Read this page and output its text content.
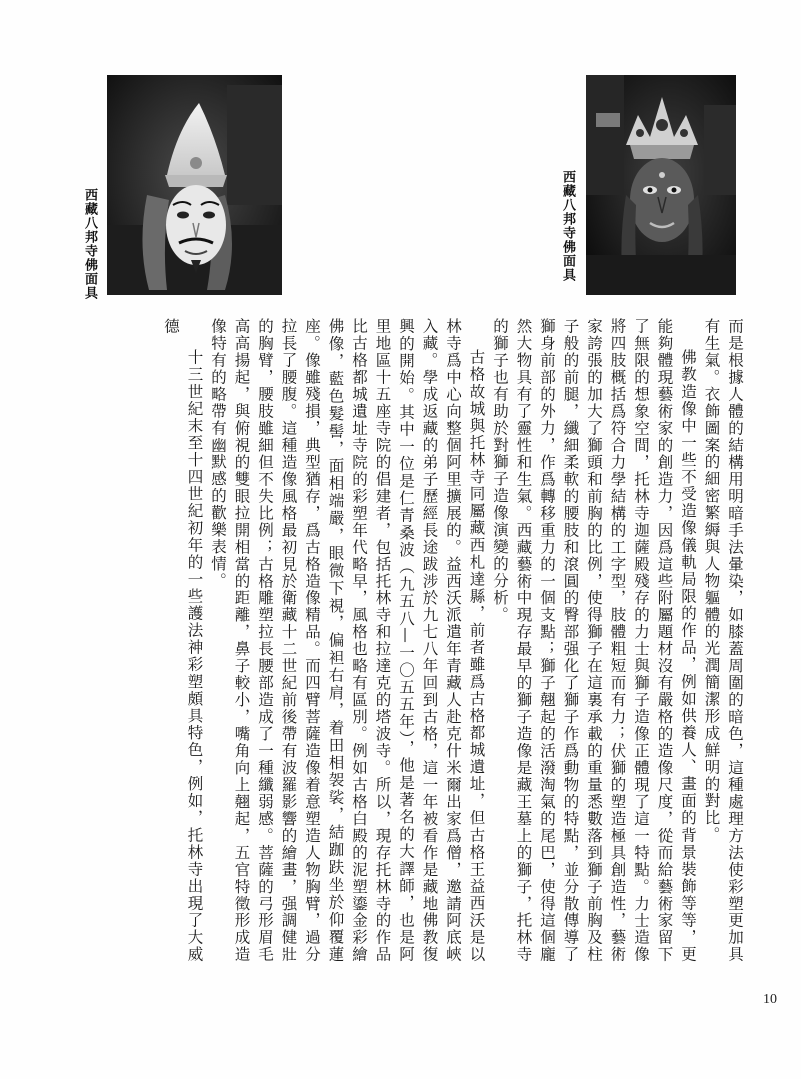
西藏八邦寺佛面具	西藏八邦寺佛面具

而是根據人體的結構用明暗手法暈染，如膝蓋周圍的暗色，這種處理方法使彩塑更加具有生氣。衣飾圖案的細密繁縟與人物軀體的光潤簡潔形成鮮明的對比。

佛教造像中一些不受造像儀軌局限的作品，例如供養人、畫面的背景裝飾等等，更能夠體現藝術家的創造力，因爲這些附屬題材沒有嚴格的造像尺度，從而給藝術家留下了無限的想象空間，托林寺迦薩殿殘存的力士與獅子造像正體現了這一特點。力士造像將四肢概括爲符合力學結構的工字型，肢體粗短而有力；伏獅的塑造極具創造性，藝術家誇張的加大了獅頭和前胸的比例，使得獅子在這裏承載的重量悉數落到獅子前胸及柱子般的前腿，纖細柔軟的腰肢和滾圓的臀部强化了獅子作爲動物的特點，並分散傳導了獅身前部的外力，作爲轉移重力的一個支點；獅子翹起的活潑淘氣的尾巴，使得這個龐然大物具有了靈性和生氣。西藏藝術中現存最早的獅子造像是藏王墓上的獅子，托林寺的獅子也有助於對獅子造像演變的分析。

古格故城與托林寺同屬藏西札達縣，前者雖爲古格都城遺址，但古格王益西沃是以林寺爲中心向整個阿里擴展的。益西沃派遣年青藏人赴克什米爾出家爲僧，邀請阿底峽入藏。學成返藏的弟子歷經長途跋涉於九七八年回到古格，這一年被看作是藏地佛教復興的開始。其中一位是仁青桑波（九五八—一〇五五年），他是著名的大譯師，也是阿里地區十五座寺院的倡建者，包括托林寺和拉達克的塔波寺。所以，現存托林寺的作品比古格都城遺址寺院的彩塑年代略早，風格也略有區別。例如古格白殿的泥塑鎏金彩繪佛像，藍色髮髻，面相端嚴，眼微下視，偏袒右肩，着田相袈裟，結跏趺坐於仰覆蓮座。像雖殘損，典型猶存，爲古格造像精品。而四臂菩薩造像着意塑造人物胸臂，過分拉長了腰腹。這種造像風格最初見於衛藏十二世紀前後帶有波羅影響的繪畫，强調健壯的胸臂，腰肢雖細但不失比例；古格雕塑拉長腰部造成了一種纖弱感。菩薩的弓形眉毛高高揚起，與俯視的雙眼拉開相當的距離，鼻子較小，嘴角向上翹起，五官特徵形成造像特有的略帶有幽默感的歡樂表情。

十三世紀末至十四世紀初年的一些護法神彩塑頗具特色，例如，托林寺出現了大威德

10
